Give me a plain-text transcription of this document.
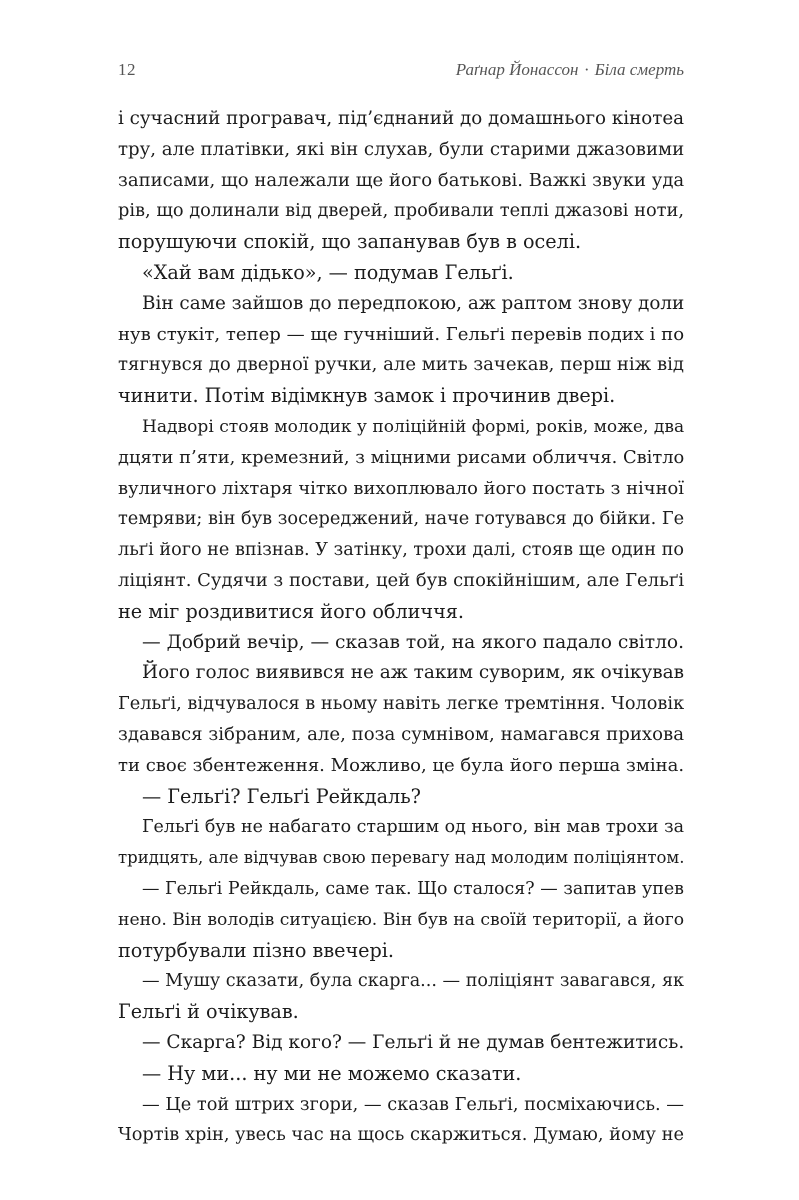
12	Раґнар Йонассон · Біла смерть
і сучасний програвач, під’єднаний до домашнього кінотеа
тру, але платівки, які він слухав, були старими джазовими
записами, що належали ще його батькові. Важкі звуки уда
рів, що долинали від дверей, пробивали теплі джазові ноти,
порушуючи спокій, що запанував був в оселі.
«Хай вам дідько», — подумав Гельґі.
Він саме зайшов до передпокою, аж раптом знову доли
нув стукіт, тепер — ще гучніший. Гельґі перевів подих і по
тягнувся до дверної ручки, але мить зачекав, перш ніж від
чинити. Потім відімкнув замок і прочинив двері.
Надворі стояв молодик у поліційній формі, років, може, два
дцяти п’яти, кремезний, з міцними рисами обличчя. Світло
вуличного ліхтаря чітко вихоплювало його постать з нічної
темряви; він був зосереджений, наче готувався до бійки. Ге
льґі його не впізнав. У затінку, трохи далі, стояв ще один по
ліціянт. Судячи з постави, цей був спокійнішим, але Гельґі
не міг роздивитися його обличчя.
— Добрий вечір, — сказав той, на якого падало світло.
Його голос виявився не аж таким суворим, як очікував
Гельґі, відчувалося в ньому навіть легке тремтіння. Чоловік
здавався зібраним, але, поза сумнівом, намагався прихова
ти своє збентеження. Можливо, це була його перша зміна.
— Гельґі? Гельґі Рейкдаль?
Гельґі був не набагато старшим од нього, він мав трохи за
тридцять, але відчував свою перевагу над молодим поліціянтом.
— Гельґі Рейкдаль, саме так. Що сталося? — запитав упев
нено. Він володів ситуацією. Він був на своїй території, а його
потурбували пізно ввечері.
— Мушу сказати, була скарга... — поліціянт завагався, як
Гельґі й очікував.
— Скарга? Від кого? — Гельґі й не думав бентежитись.
— Ну ми... ну ми не можемо сказати.
— Це той штрих згори, — сказав Гельґі, посміхаючись. —
Чортів хрін, увесь час на щось скаржиться. Думаю, йому не
